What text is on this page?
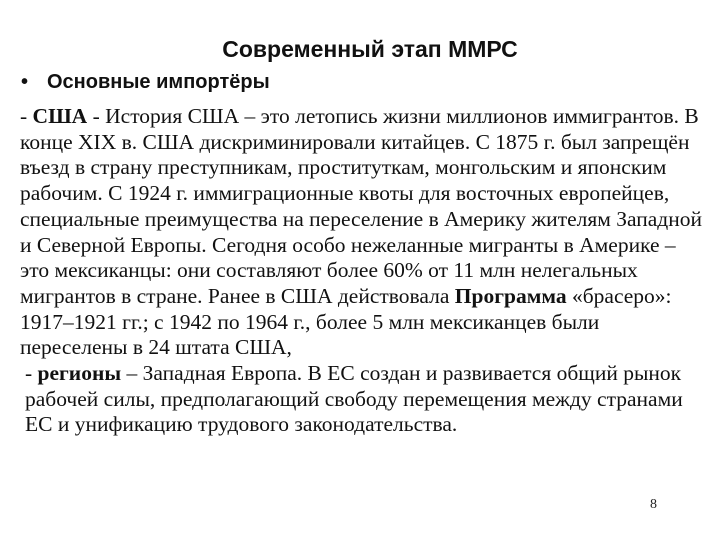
Современный этап ММРС
• Основные импортёры

- США - История США – это летопись жизни миллионов иммигрантов. В конце XIX в. США дискриминировали китайцев. С 1875 г. был запрещён въезд в страну преступникам, проституткам, монгольским и японским рабочим. С 1924 г. иммиграционные квоты для восточных европейцев, специальные преимущества на переселение в Америку жителям Западной и Северной Европы. Сегодня особо нежеланные мигранты в Америке – это мексиканцы: они составляют более 60% от 11 млн нелегальных мигрантов в стране. Ранее в США действовала Программа «брасеро»: 1917–1921 гг.; с 1942 по 1964 г., более 5 млн мексиканцев были переселены в 24 штата США,

- регионы – Западная Европа. В ЕС создан и развивается общий рынок рабочей силы, предполагающий свободу перемещения между странами ЕС и унификацию трудового законодательства.

8
